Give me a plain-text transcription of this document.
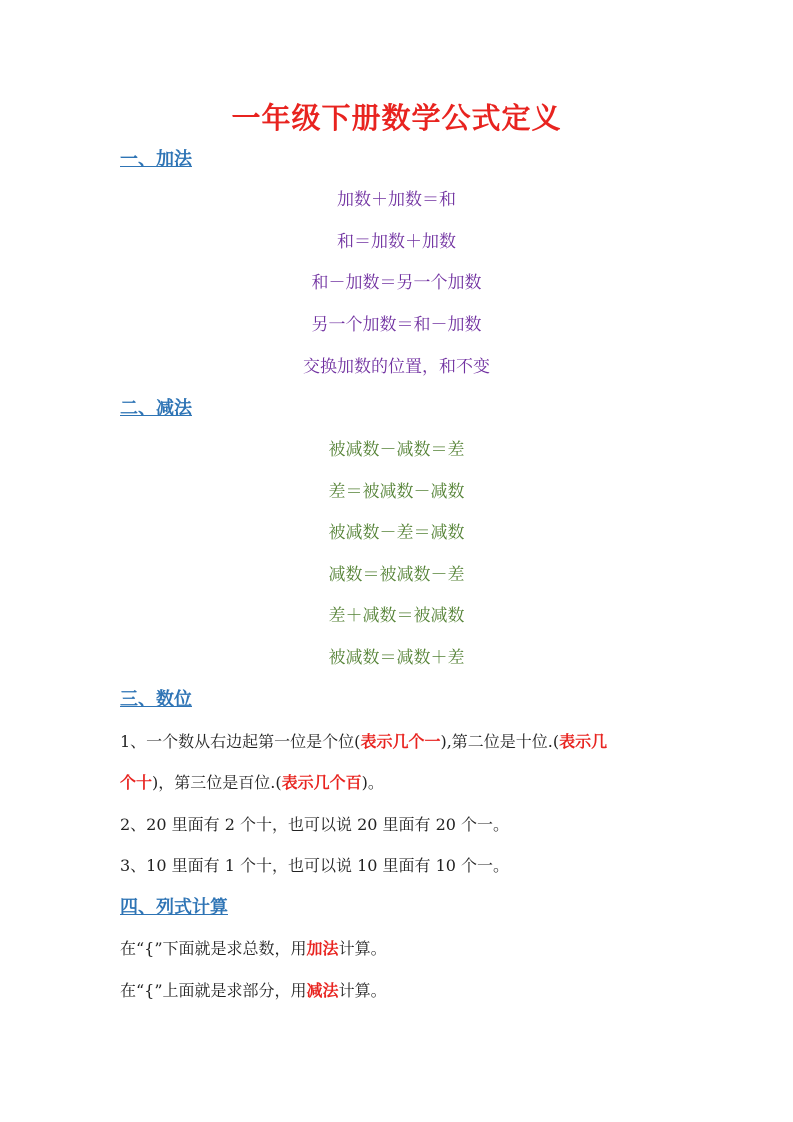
一年级下册数学公式定义
一、加法
加数＋加数＝和
和＝加数＋加数
和－加数＝另一个加数
另一个加数＝和－加数
交换加数的位置，和不变
二、减法
被减数－减数＝差
差＝被减数－减数
被减数－差＝减数
减数＝被减数－差
差＋减数＝被减数
被减数＝减数＋差
三、数位
1、一个数从右边起第一位是个位(表示几个一),第二位是十位.(表示几
个十)，第三位是百位.(表示几个百)。
2、20 里面有 2 个十，也可以说 20 里面有 20 个一。
3、10 里面有 1 个十，也可以说 10 里面有 10 个一。
四、列式计算
在“{”下面就是求总数，用加法计算。
在“{”上面就是求部分，用减法计算。
